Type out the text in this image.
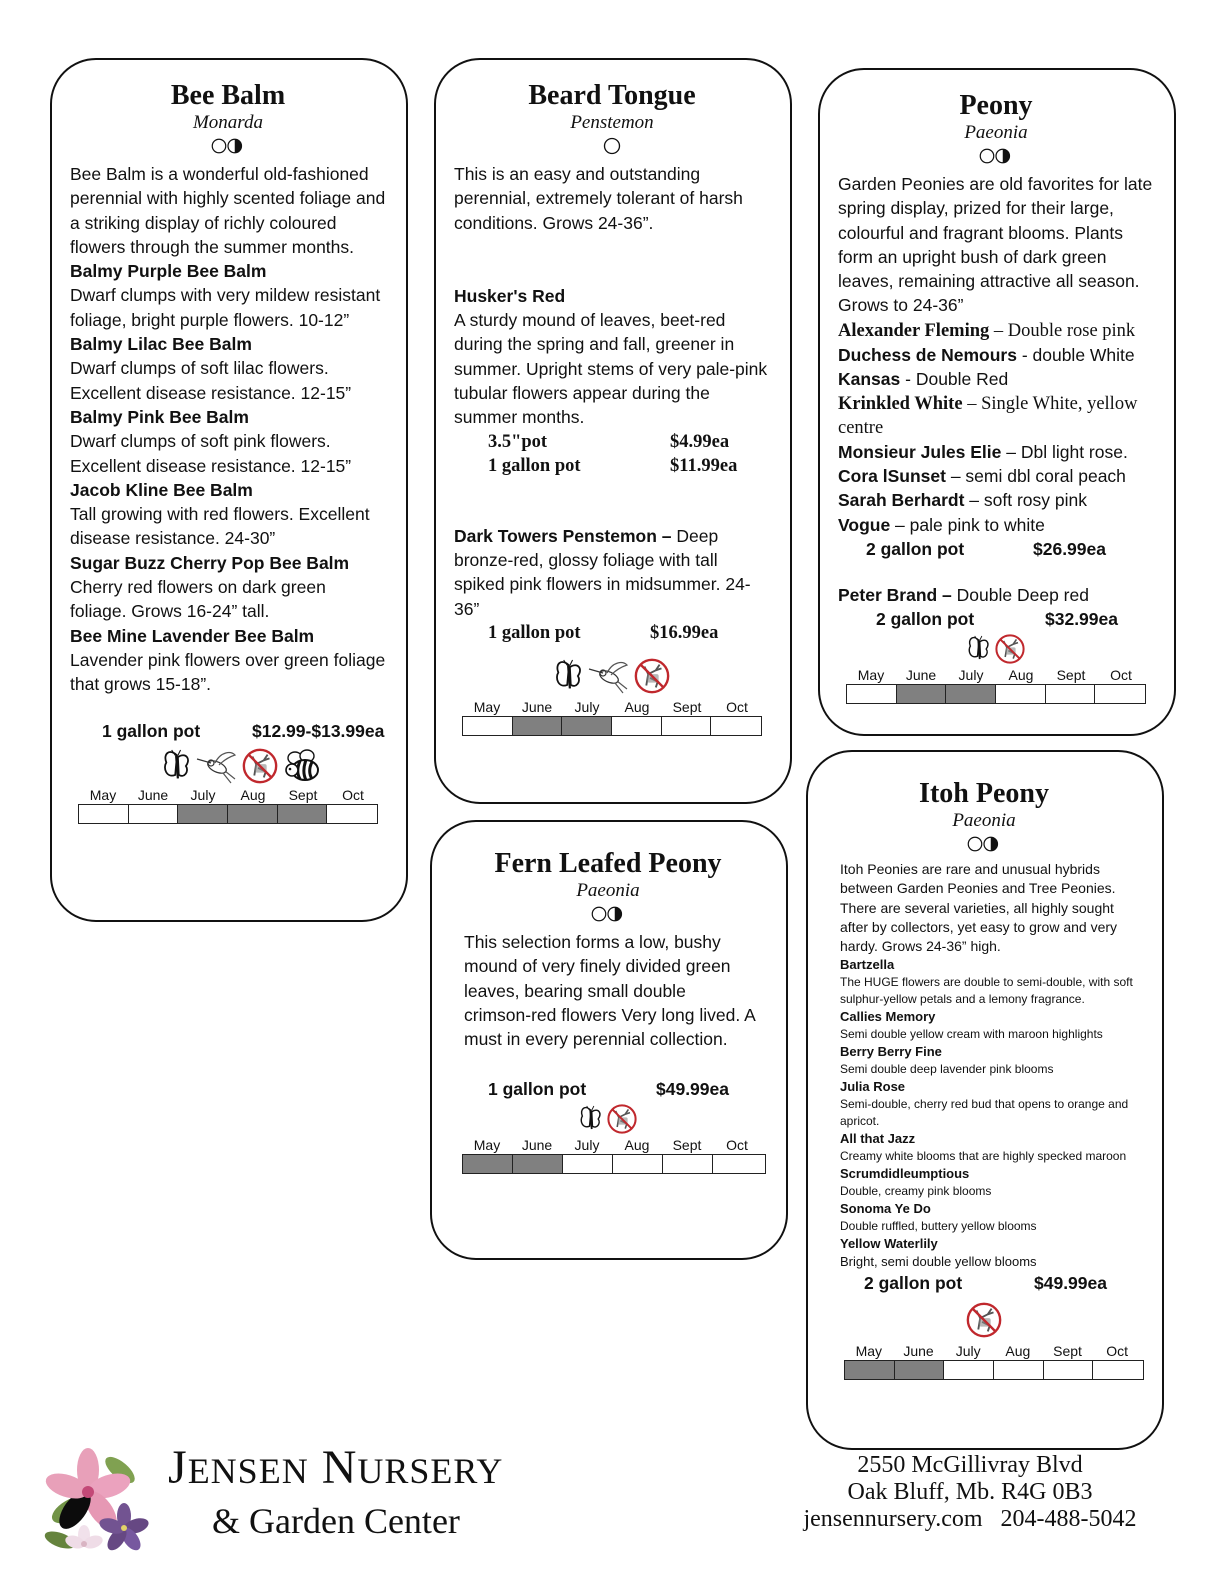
Bee Balm
Monarda
Bee Balm is a wonderful old-fashioned perennial with highly scented foliage and a striking display of richly coloured flowers through the summer months.
Balmy Purple Bee Balm
Dwarf clumps with very mildew resistant foliage, bright purple flowers. 10-12”
Balmy Lilac Bee Balm
Dwarf clumps of soft lilac flowers. Excellent disease resistance. 12-15”
Balmy Pink Bee Balm
Dwarf clumps of soft pink flowers. Excellent disease resistance. 12-15”
Jacob Kline Bee Balm
Tall growing with red flowers. Excellent disease resistance. 24-30”
Sugar Buzz Cherry Pop Bee Balm
Cherry red flowers on dark green foliage. Grows 16-24” tall.
Bee Mine Lavender Bee Balm
Lavender pink flowers over green foliage that grows 15-18”.
1 gallon pot	$12.99-$13.99ea
May	June	July	Aug	Sept	Oct
Beard Tongue
Penstemon
This is an easy and outstanding perennial, extremely tolerant of harsh conditions. Grows 24-36”.
Husker's Red
A sturdy mound of leaves, beet-red during the spring and fall, greener in summer. Upright stems of very pale-pink tubular flowers appear during the summer months.
3.5"pot	$4.99ea
1 gallon pot	$11.99ea
Dark Towers Penstemon – Deep bronze-red, glossy foliage with tall spiked pink flowers in midsummer. 24-36”
1 gallon pot	$16.99ea
May	June	July	Aug	Sept	Oct
Peony
Paeonia
Garden Peonies are old favorites for late spring display, prized for their large, colourful and fragrant blooms. Plants form an upright bush of dark green leaves, remaining attractive all season. Grows to 24-36”
Alexander Fleming – Double rose pink
Duchess de Nemours - double White
Kansas - Double Red
Krinkled White – Single White, yellow centre
Monsieur Jules Elie – Dbl light rose.
Cora lSunset – semi dbl coral peach
Sarah Berhardt – soft rosy pink
Vogue – pale pink to white
2 gallon pot	$26.99ea
Peter Brand – Double Deep red
2 gallon pot	$32.99ea
May	June	July	Aug	Sept	Oct
Fern Leafed Peony
Paeonia
This selection forms a low, bushy mound of very finely divided green leaves, bearing small double crimson-red flowers Very long lived. A must in every perennial collection.
1 gallon pot	$49.99ea
May	June	July	Aug	Sept	Oct
Itoh Peony
Paeonia
Itoh Peonies are rare and unusual hybrids between Garden Peonies and Tree Peonies. There are several varieties, all highly sought after by collectors, yet easy to grow and very hardy. Grows 24-36” high.
Bartzella
The HUGE flowers are double to semi-double, with soft sulphur-yellow petals and a lemony fragrance.
Callies Memory
Semi double yellow cream with maroon highlights
Berry Berry Fine
Semi double deep lavender pink blooms
Julia Rose
Semi-double, cherry red bud that opens to orange and apricot.
All that Jazz
Creamy white blooms that are highly specked maroon
Scrumdidleumptious
Double, creamy pink blooms
Sonoma Ye Do
Double ruffled, buttery yellow blooms
Yellow Waterlily
Bright, semi double yellow blooms
2 gallon pot	$49.99ea
May	June	July	Aug	Sept	Oct
JENSEN NURSERY
& Garden Center
2550 McGillivray Blvd
Oak Bluff, Mb. R4G 0B3
jensennursery.com 204-488-5042
